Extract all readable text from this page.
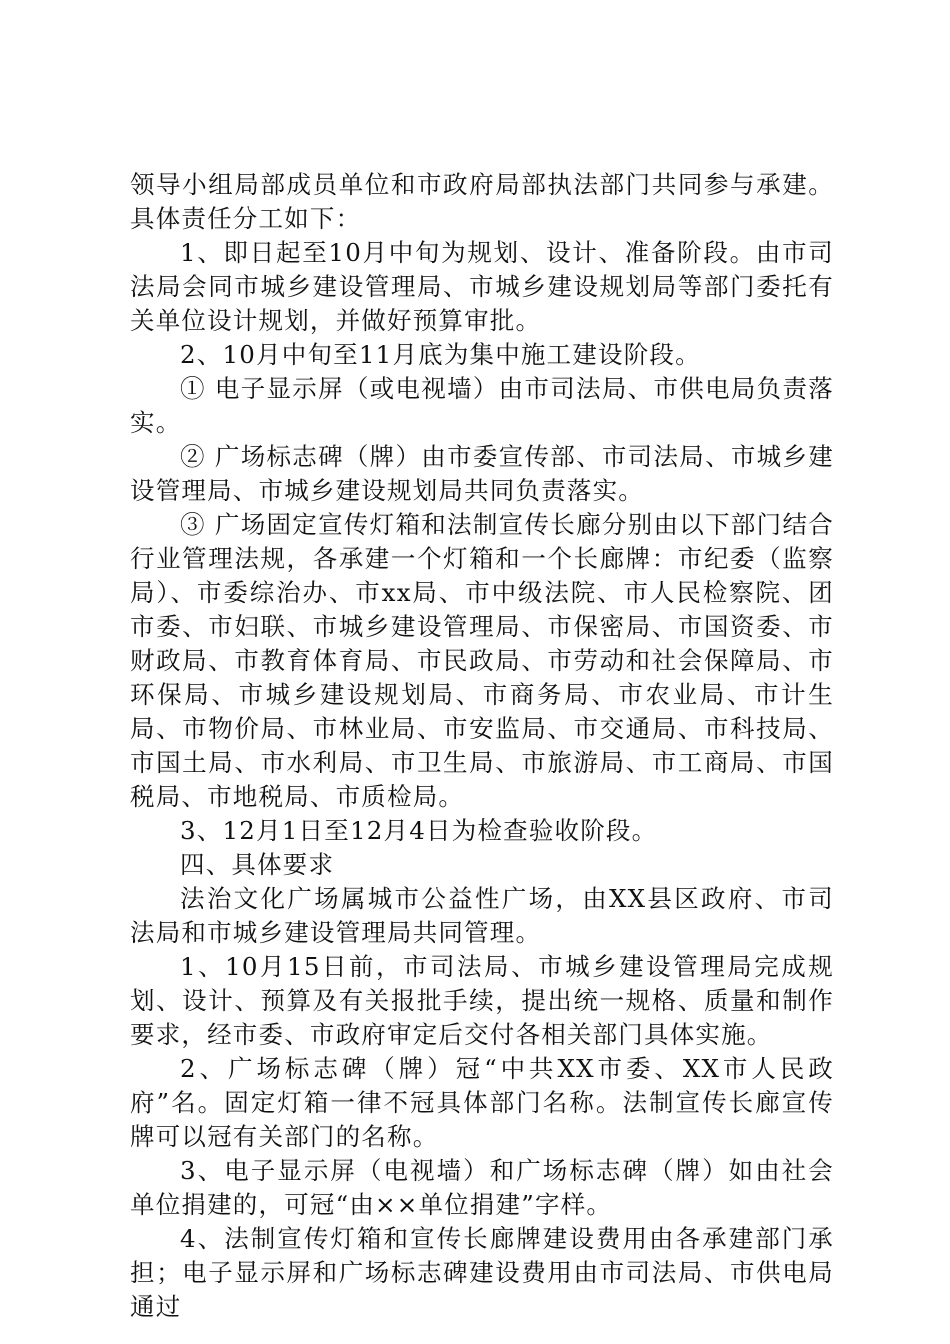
领导小组局部成员单位和市政府局部执法部门共同参与承建。具体责任分工如下：

1、即日起至10月中旬为规划、设计、准备阶段。由市司法局会同市城乡建设管理局、市城乡建设规划局等部门委托有关单位设计规划，并做好预算审批。

2、10月中旬至11月底为集中施工建设阶段。

① 电子显示屏（或电视墙）由市司法局、市供电局负责落实。

② 广场标志碑（牌）由市委宣传部、市司法局、市城乡建设管理局、市城乡建设规划局共同负责落实。

③ 广场固定宣传灯箱和法制宣传长廊分别由以下部门结合行业管理法规，各承建一个灯箱和一个长廊牌：市纪委（监察局）、市委综治办、市xx局、市中级法院、市人民检察院、团市委、市妇联、市城乡建设管理局、市保密局、市国资委、市财政局、市教育体育局、市民政局、市劳动和社会保障局、市环保局、市城乡建设规划局、市商务局、市农业局、市计生局、市物价局、市林业局、市安监局、市交通局、市科技局、市国土局、市水利局、市卫生局、市旅游局、市工商局、市国税局、市地税局、市质检局。

3、12月1日至12月4日为检查验收阶段。

四、具体要求

法治文化广场属城市公益性广场，由XX县区政府、市司法局和市城乡建设管理局共同管理。

1、10月15日前，市司法局、市城乡建设管理局完成规划、设计、预算及有关报批手续，提出统一规格、质量和制作要求，经市委、市政府审定后交付各相关部门具体实施。

2、广场标志碑（牌）冠“中共XX市委、XX市人民政府”名。固定灯箱一律不冠具体部门名称。法制宣传长廊宣传牌可以冠有关部门的名称。

3、电子显示屏（电视墙）和广场标志碑（牌）如由社会单位捐建的，可冠“由××单位捐建”字样。

4、法制宣传灯箱和宣传长廊牌建设费用由各承建部门承担；电子显示屏和广场标志碑建设费用由市司法局、市供电局通过
